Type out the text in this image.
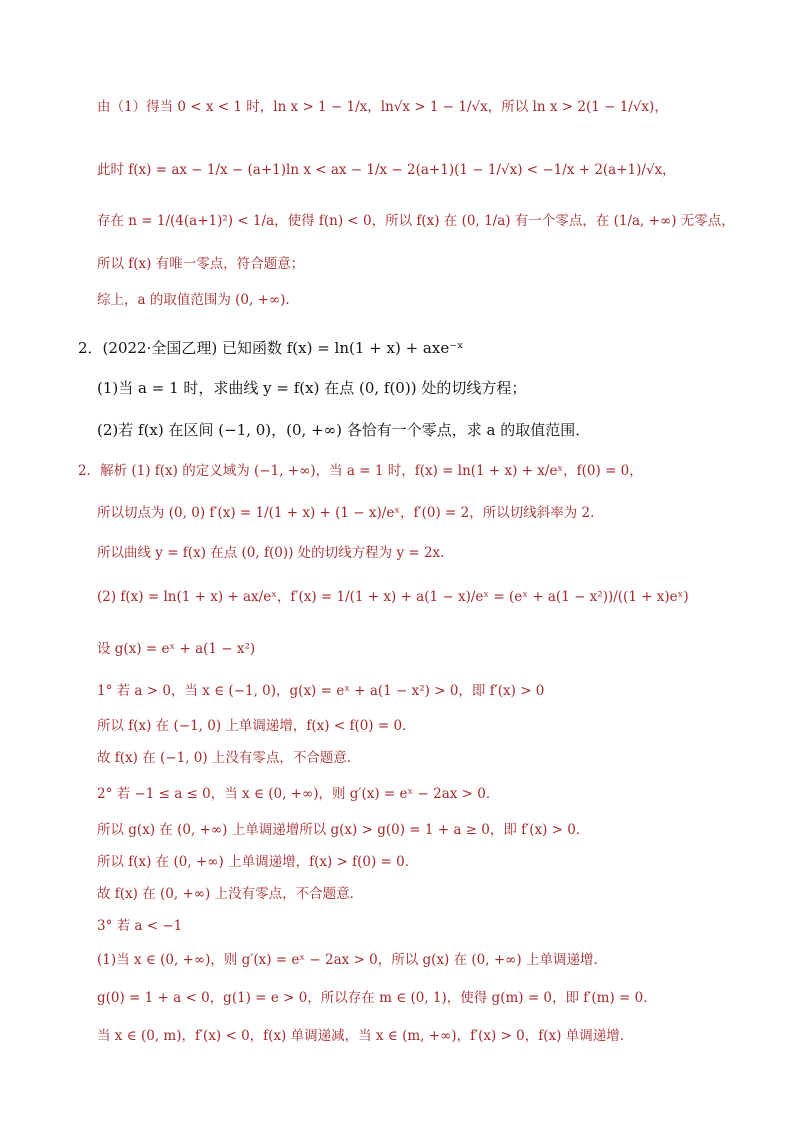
由（1）得当 0 < x < 1 时，ln x > 1 − 1/x，ln√x > 1 − 1/√x，所以 ln x > 2(1 − 1/√x)，
此时 f(x) = ax − 1/x − (a+1)ln x < ax − 1/x − 2(a+1)(1 − 1/√x) < −1/x + 2(a+1)/√x，
存在 n = 1/(4(a+1)²) < 1/a，使得 f(n) < 0，所以 f(x) 在 (0, 1/a) 有一个零点，在 (1/a, +∞) 无零点，
所以 f(x) 有唯一零点，符合题意；
综上，a 的取值范围为 (0, +∞)．
2．(2022·全国乙理) 已知函数 f(x) = ln(1 + x) + axe⁻ˣ
(1)当 a = 1 时，求曲线 y = f(x) 在点 (0, f(0)) 处的切线方程；
(2)若 f(x) 在区间 (−1, 0)，(0, +∞) 各恰有一个零点，求 a 的取值范围．
2．解析 (1) f(x) 的定义域为 (−1, +∞)，当 a = 1 时，f(x) = ln(1 + x) + x/eˣ，f(0) = 0，
所以切点为 (0, 0) f′(x) = 1/(1 + x) + (1 − x)/eˣ，f′(0) = 2，所以切线斜率为 2．
所以曲线 y = f(x) 在点 (0, f(0)) 处的切线方程为 y = 2x．
(2) f(x) = ln(1 + x) + ax/eˣ，f′(x) = 1/(1 + x) + a(1 − x)/eˣ = (eˣ + a(1 − x²))/((1 + x)eˣ)
设 g(x) = eˣ + a(1 − x²)
1° 若 a > 0，当 x ∈ (−1, 0)，g(x) = eˣ + a(1 − x²) > 0，即 f′(x) > 0
所以 f(x) 在 (−1, 0) 上单调递增，f(x) < f(0) = 0．
故 f(x) 在 (−1, 0) 上没有零点，不合题意．
2° 若 −1 ≤ a ≤ 0，当 x ∈ (0, +∞)，则 g′(x) = eˣ − 2ax > 0．
所以 g(x) 在 (0, +∞) 上单调递增所以 g(x) > g(0) = 1 + a ≥ 0，即 f′(x) > 0．
所以 f(x) 在 (0, +∞) 上单调递增，f(x) > f(0) = 0．
故 f(x) 在 (0, +∞) 上没有零点，不合题意．
3° 若 a < −1
(1)当 x ∈ (0, +∞)，则 g′(x) = eˣ − 2ax > 0，所以 g(x) 在 (0, +∞) 上单调递增．
g(0) = 1 + a < 0，g(1) = e > 0，所以存在 m ∈ (0, 1)，使得 g(m) = 0，即 f′(m) = 0．
当 x ∈ (0, m)，f′(x) < 0，f(x) 单调递减，当 x ∈ (m, +∞)，f′(x) > 0，f(x) 单调递增．
